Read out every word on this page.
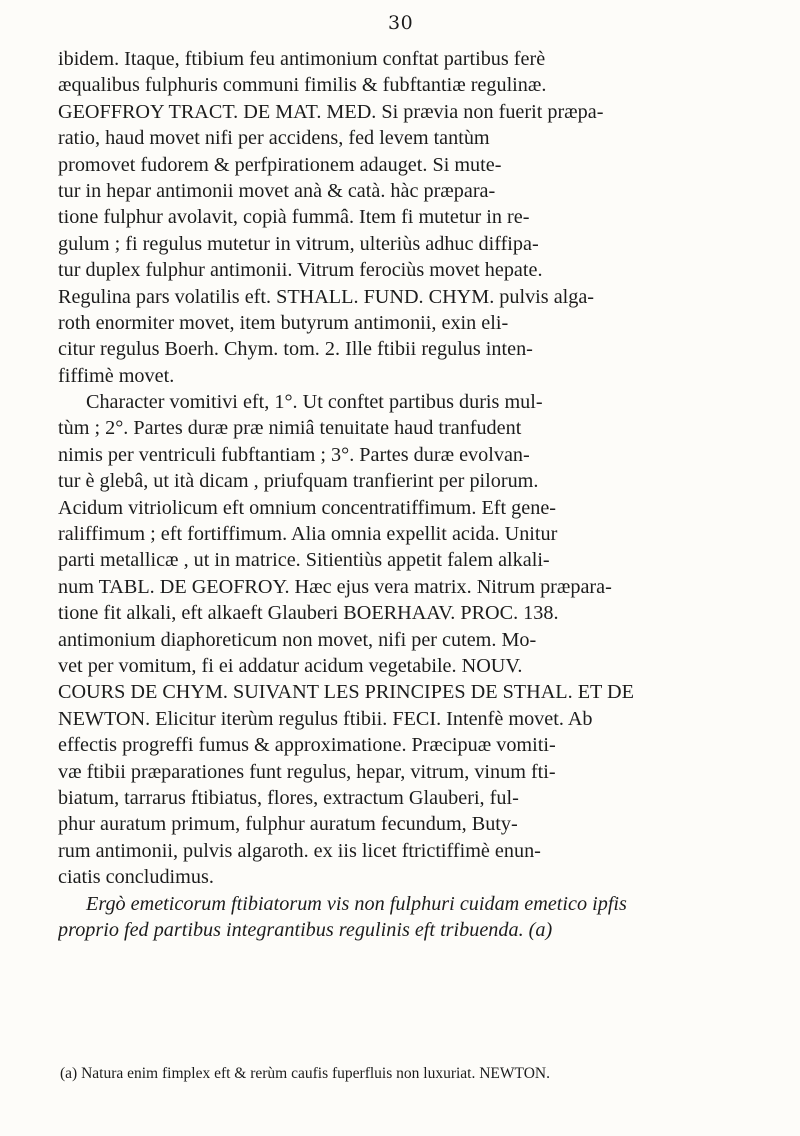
30
ibidem. Itaque, ftibium feu antimonium conftat partibus ferè
æqualibus fulphuris communi fimilis & fubftantiæ regulinæ.
GEOFFROY TRACT. DE MAT. MED. Si prævia non fuerit præpa-
ratio, haud movet nifi per accidens, fed levem tantùm
promovet fudorem & perfpirationem adauget. Si mute-
tur in hepar antimonii movet anà & catà. hàc præpara-
tione fulphur avolavit, copià fummâ. Item fi mutetur in re-
gulum ; fi regulus mutetur in vitrum, ulteriùs adhuc diffipa-
tur duplex fulphur antimonii. Vitrum ferociùs movet hepate.
Regulina pars volatilis eft. STHALL. FUND. CHYM. pulvis alga-
roth enormiter movet, item butyrum antimonii, exin eli-
citur regulus Boerh. Chym. tom. 2. Ille ftibii regulus inten-
fiffimè movet.
Character vomitivi eft, 1°. Ut conftet partibus duris mul-
tùm ; 2°. Partes duræ præ nimiâ tenuitate haud tranfudent
nimis per ventriculi fubftantiam ; 3°. Partes duræ evolvan-
tur è glebâ, ut ità dicam , priufquam tranfierint per pilorum.
Acidum vitriolicum eft omnium concentratiffimum. Eft gene-
raliffimum ; eft fortiffimum. Alia omnia expellit acida. Unitur
parti metallicæ , ut in matrice. Sitientiùs appetit falem alkali-
num TABL. DE GEOFROY. Hæc ejus vera matrix. Nitrum præpara-
tione fit alkali, eft alkaeft Glauberi BOERHAAV. PROC. 138.
antimonium diaphoreticum non movet, nifi per cutem. Mo-
vet per vomitum, fi ei addatur acidum vegetabile. NOUV.
COURS DE CHYM. SUIVANT LES PRINCIPES DE STHAL. ET DE
NEWTON. Elicitur iterùm regulus ftibii. FECI. Intenfè movet. Ab
effectis progreffi fumus & approximatione. Præcipuæ vomiti-
væ ftibii præparationes funt regulus, hepar, vitrum, vinum fti-
biatum, tarrarus ftibiatus, flores, extractum Glauberi, ful-
phur auratum primum, fulphur auratum fecundum, Buty-
rum antimonii, pulvis algaroth. ex iis licet ftrictiffimè enun-
ciatis concludimus.
Ergò emeticorum ftibiatorum vis non fulphuri cuidam emetico ipfis
proprio fed partibus integrantibus regulinis eft tribuenda. (a)
(a) Natura enim fimplex eft & rerùm caufis fuperfluis non luxuriat. NEWTON.
